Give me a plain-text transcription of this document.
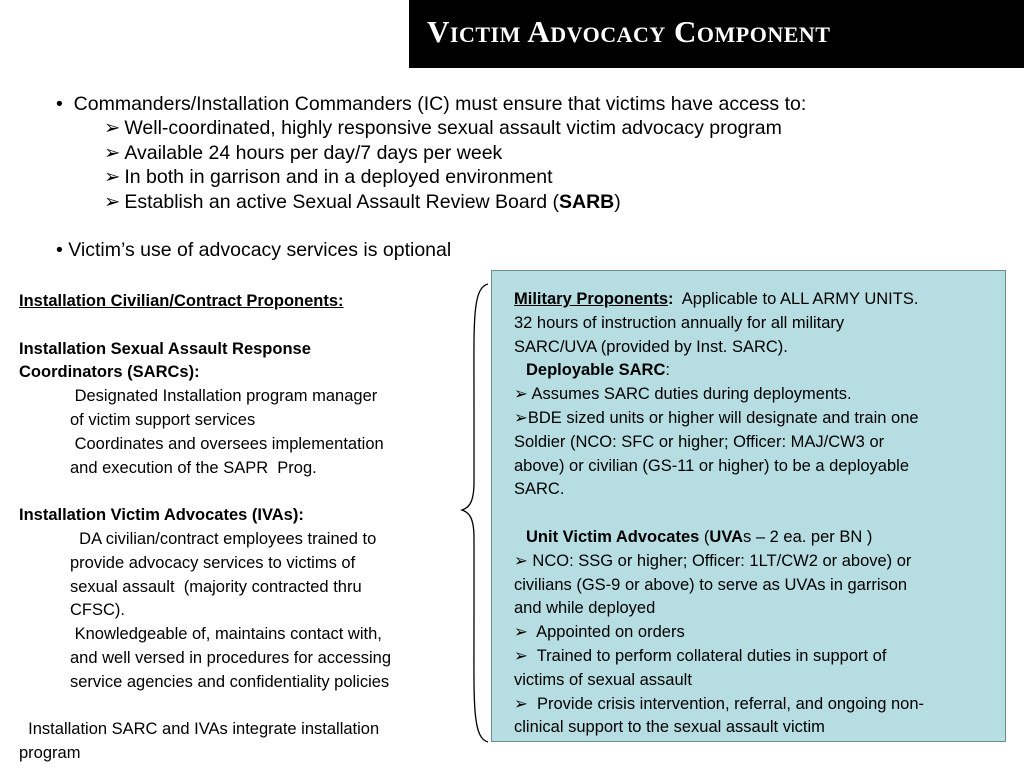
Victim Advocacy Component
• Commanders/Installation Commanders (IC) must ensure that victims have access to:
➢ Well-coordinated, highly responsive sexual assault victim advocacy program
➢ Available 24 hours per day/7 days per week
➢ In both in garrison and in a deployed environment
➢ Establish an active Sexual Assault Review Board (SARB)
• Victim’s use of advocacy services is optional
Installation Civilian/Contract Proponents:

Installation Sexual Assault Response
Coordinators (SARCs):
Designated Installation program manager
of victim support services
Coordinates and oversees implementation
and execution of the SAPR  Prog.

Installation Victim Advocates (IVAs):
DA civilian/contract employees trained to
provide advocacy services to victims of
sexual assault  (majority contracted thru
CFSC).
Knowledgeable of, maintains contact with,
and well versed in procedures for accessing
service agencies and confidentiality policies

Installation SARC and IVAs integrate installation
program
Military Proponents:  Applicable to ALL ARMY UNITS.
32 hours of instruction annually for all military
SARC/UVA (provided by Inst. SARC).
Deployable SARC:
➢ Assumes SARC duties during deployments.
➢BDE sized units or higher will designate and train one
Soldier (NCO: SFC or higher; Officer: MAJ/CW3 or
above) or civilian (GS-11 or higher) to be a deployable
SARC.

Unit Victim Advocates (UVAs – 2 ea. per BN )
➢ NCO: SSG or higher; Officer: 1LT/CW2 or above) or
civilians (GS-9 or above) to serve as UVAs in garrison
and while deployed
➢  Appointed on orders
➢  Trained to perform collateral duties in support of
victims of sexual assault
➢  Provide crisis intervention, referral, and ongoing non-
clinical support to the sexual assault victim
